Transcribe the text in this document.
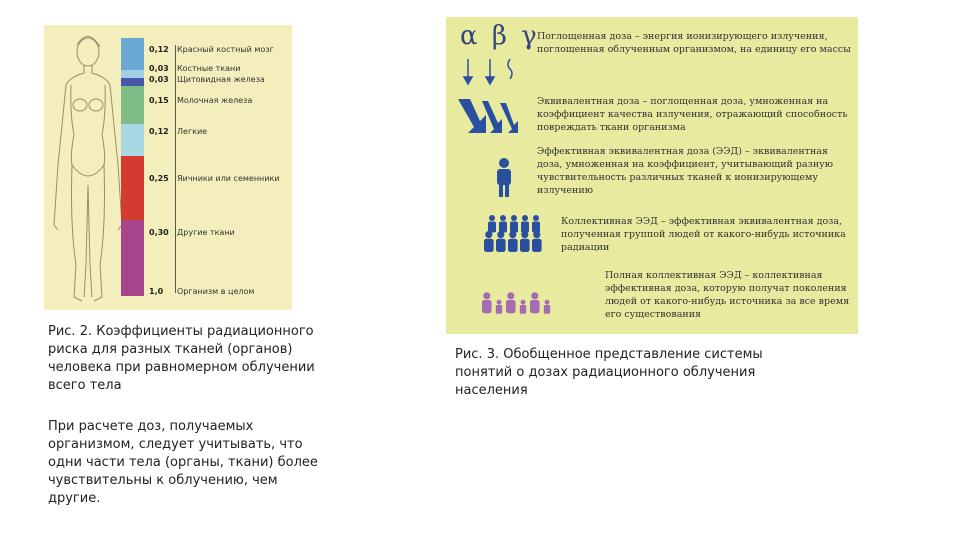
0,12 Красный костный мозг
0,03 Костные ткани
0,03 Щитовидная железа
0,15 Молочная железа
0,12 Легкие
0,25 Яичники или семенники
0,30 Другие ткани
1,0 Организм в целом
Рис. 2. Коэффициенты радиационного риска для разных тканей (органов) человека при равномерном облучении всего тела
При расчете доз, получаемых организмом, следует учитывать, что одни части тела (органы, ткани) более чувствительны к облучению, чем другие.
α β γ
Поглощенная доза – энергия ионизирующего излучения, поглощенная облученным организмом, на единицу его массы
Эквивалентная доза – поглощенная доза, умноженная на коэффициент качества излучения, отражающий способность повреждать ткани организма
Эффективная эквивалентная доза (ЭЭД) – эквивалентная доза, умноженная на коэффициент, учитывающий разную чувствительность различных тканей к ионизирующему излучению
Коллективная ЭЭД – эффективная эквивалентная доза, полученная группой людей от какого-нибудь источника радиации
Полная коллективная ЭЭД – коллективная эффективная доза, которую получат поколения людей от какого-нибудь источника за все время его существования
Рис. 3. Обобщенное представление системы понятий о дозах радиационного облучения населения
